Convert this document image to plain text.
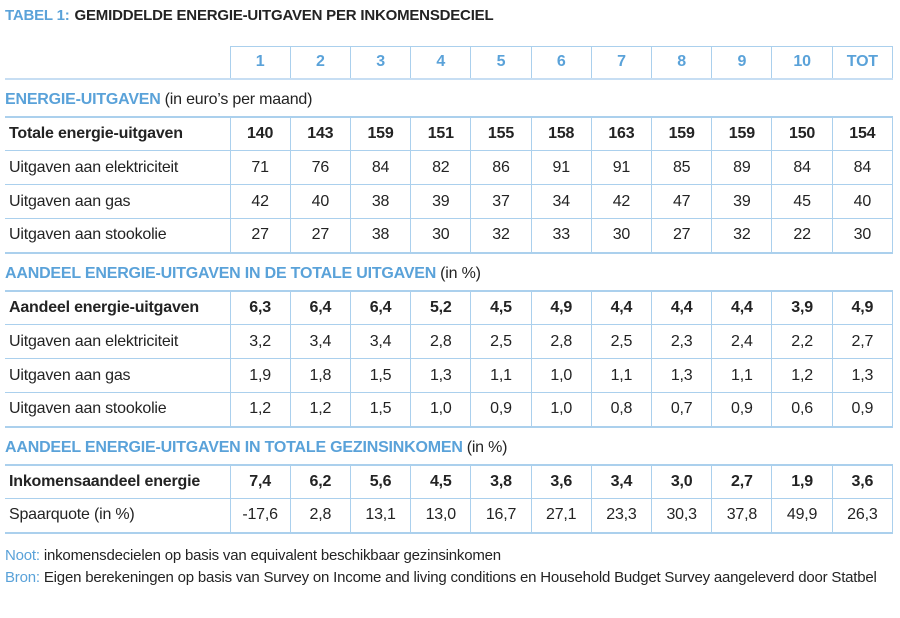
TABEL 1: GEMIDDELDE ENERGIE-UITGAVEN PER INKOMENSDECIEL
	1	2	3	4	5	6	7	8	9	10	TOT
ENERGIE-UITGAVEN (in euro’s per maand)											
Totale energie-uitgaven	140	143	159	151	155	158	163	159	159	150	154
Uitgaven aan elektriciteit	71	76	84	82	86	91	91	85	89	84	84
Uitgaven aan gas	42	40	38	39	37	34	42	47	39	45	40
Uitgaven aan stookolie	27	27	38	30	32	33	30	27	32	22	30
AANDEEL ENERGIE-UITGAVEN IN DE TOTALE UITGAVEN (in %)											
Aandeel energie-uitgaven	6,3	6,4	6,4	5,2	4,5	4,9	4,4	4,4	4,4	3,9	4,9
Uitgaven aan elektriciteit	3,2	3,4	3,4	2,8	2,5	2,8	2,5	2,3	2,4	2,2	2,7
Uitgaven aan gas	1,9	1,8	1,5	1,3	1,1	1,0	1,1	1,3	1,1	1,2	1,3
Uitgaven aan stookolie	1,2	1,2	1,5	1,0	0,9	1,0	0,8	0,7	0,9	0,6	0,9
AANDEEL ENERGIE-UITGAVEN IN TOTALE GEZINSINKOMEN (in %)											
Inkomensaandeel energie	7,4	6,2	5,6	4,5	3,8	3,6	3,4	3,0	2,7	1,9	3,6
Spaarquote (in %)	-17,6	2,8	13,1	13,0	16,7	27,1	23,3	30,3	37,8	49,9	26,3

Noot: inkomensdecielen op basis van equivalent beschikbaar gezinsinkomen

Bron: Eigen berekeningen op basis van Survey on Income and living conditions en Household Budget Survey aangeleverd door Statbel
